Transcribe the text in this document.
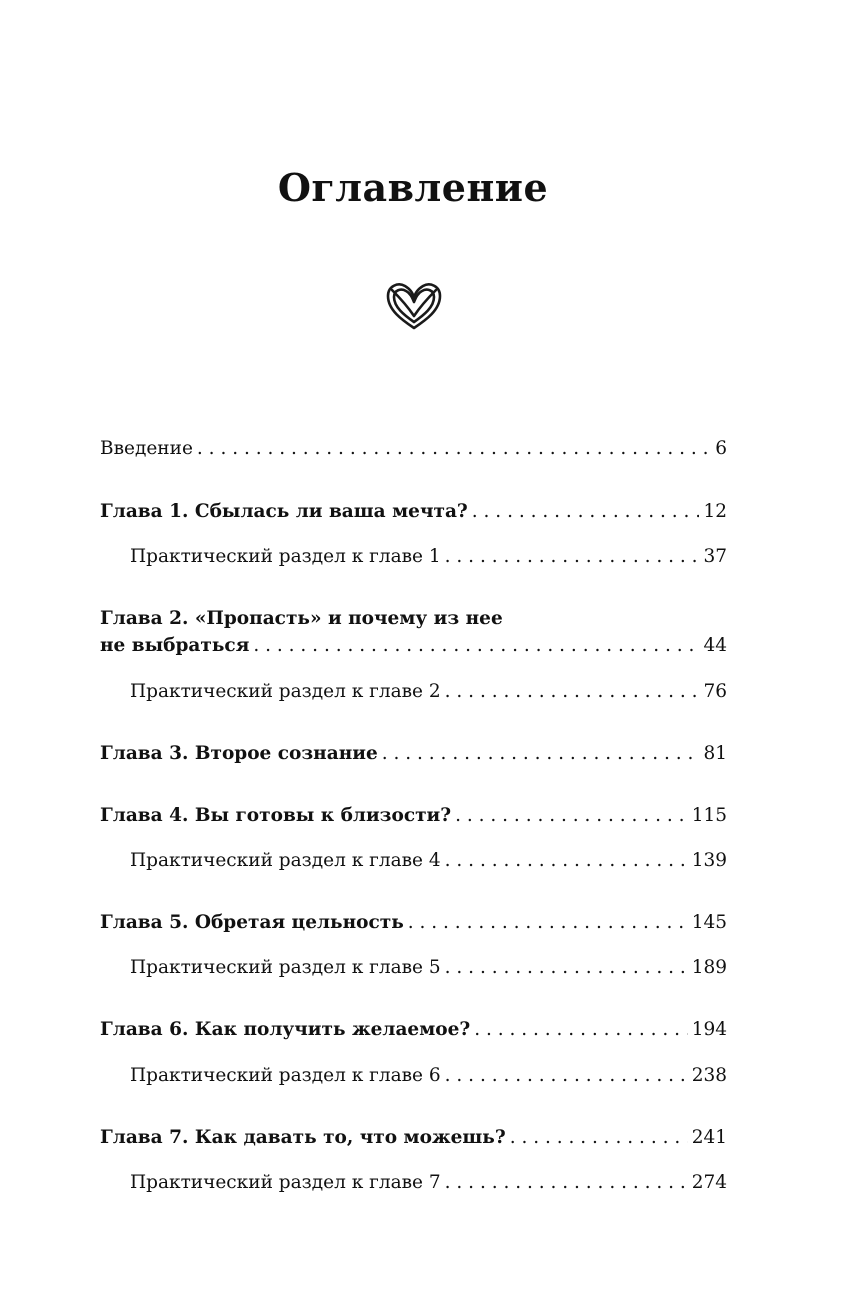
Оглавление
Введение . . .	6
Глава 1. Сбылась ли ваша мечта? . . .	12
Практический раздел к главе 1 . . .	37
Глава 2. «Пропасть» и почему из нее
не выбраться . . .	44
Практический раздел к главе 2 . . .	76
Глава 3. Второе сознание . . .	81
Глава 4. Вы готовы к близости? . . .	115
Практический раздел к главе 4 . . .	139
Глава 5. Обретая цельность . . .	145
Практический раздел к главе 5 . . .	189
Глава 6. Как получить желаемое? . . .	194
Практический раздел к главе 6 . . .	238
Глава 7. Как давать то, что можешь? . . .	241
Практический раздел к главе 7 . . .	274
